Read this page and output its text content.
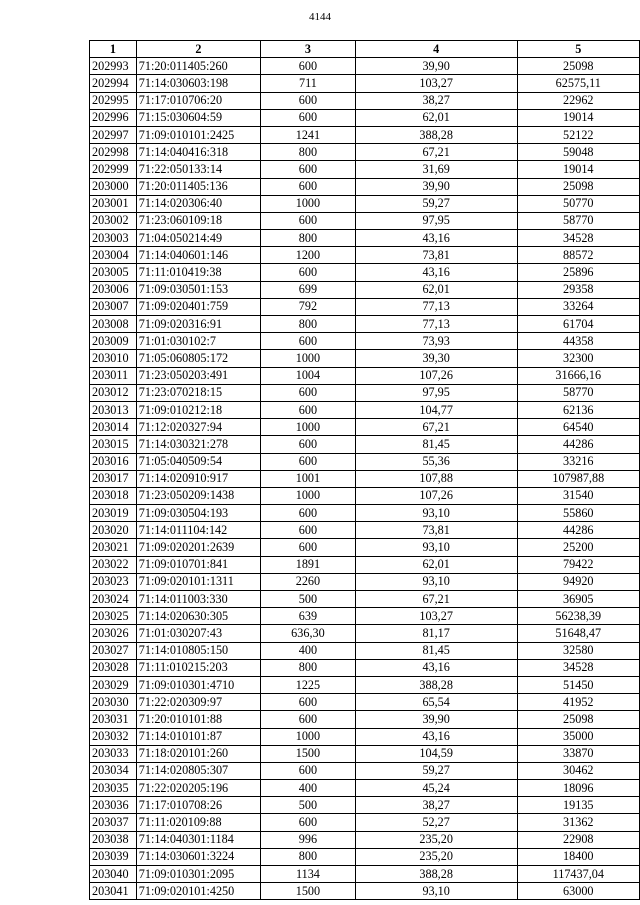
4144
1	2	3	4	5
202993	71:20:011405:260	600	39,90	25098
202994	71:14:030603:198	711	103,27	62575,11
202995	71:17:010706:20	600	38,27	22962
202996	71:15:030604:59	600	62,01	19014
202997	71:09:010101:2425	1241	388,28	52122
202998	71:14:040416:318	800	67,21	59048
202999	71:22:050133:14	600	31,69	19014
203000	71:20:011405:136	600	39,90	25098
203001	71:14:020306:40	1000	59,27	50770
203002	71:23:060109:18	600	97,95	58770
203003	71:04:050214:49	800	43,16	34528
203004	71:14:040601:146	1200	73,81	88572
203005	71:11:010419:38	600	43,16	25896
203006	71:09:030501:153	699	62,01	29358
203007	71:09:020401:759	792	77,13	33264
203008	71:09:020316:91	800	77,13	61704
203009	71:01:030102:7	600	73,93	44358
203010	71:05:060805:172	1000	39,30	32300
203011	71:23:050203:491	1004	107,26	31666,16
203012	71:23:070218:15	600	97,95	58770
203013	71:09:010212:18	600	104,77	62136
203014	71:12:020327:94	1000	67,21	64540
203015	71:14:030321:278	600	81,45	44286
203016	71:05:040509:54	600	55,36	33216
203017	71:14:020910:917	1001	107,88	107987,88
203018	71:23:050209:1438	1000	107,26	31540
203019	71:09:030504:193	600	93,10	55860
203020	71:14:011104:142	600	73,81	44286
203021	71:09:020201:2639	600	93,10	25200
203022	71:09:010701:841	1891	62,01	79422
203023	71:09:020101:1311	2260	93,10	94920
203024	71:14:011003:330	500	67,21	36905
203025	71:14:020630:305	639	103,27	56238,39
203026	71:01:030207:43	636,30	81,17	51648,47
203027	71:14:010805:150	400	81,45	32580
203028	71:11:010215:203	800	43,16	34528
203029	71:09:010301:4710	1225	388,28	51450
203030	71:22:020309:97	600	65,54	41952
203031	71:20:010101:88	600	39,90	25098
203032	71:14:010101:87	1000	43,16	35000
203033	71:18:020101:260	1500	104,59	33870
203034	71:14:020805:307	600	59,27	30462
203035	71:22:020205:196	400	45,24	18096
203036	71:17:010708:26	500	38,27	19135
203037	71:11:020109:88	600	52,27	31362
203038	71:14:040301:1184	996	235,20	22908
203039	71:14:030601:3224	800	235,20	18400
203040	71:09:010301:2095	1134	388,28	117437,04
203041	71:09:020101:4250	1500	93,10	63000
